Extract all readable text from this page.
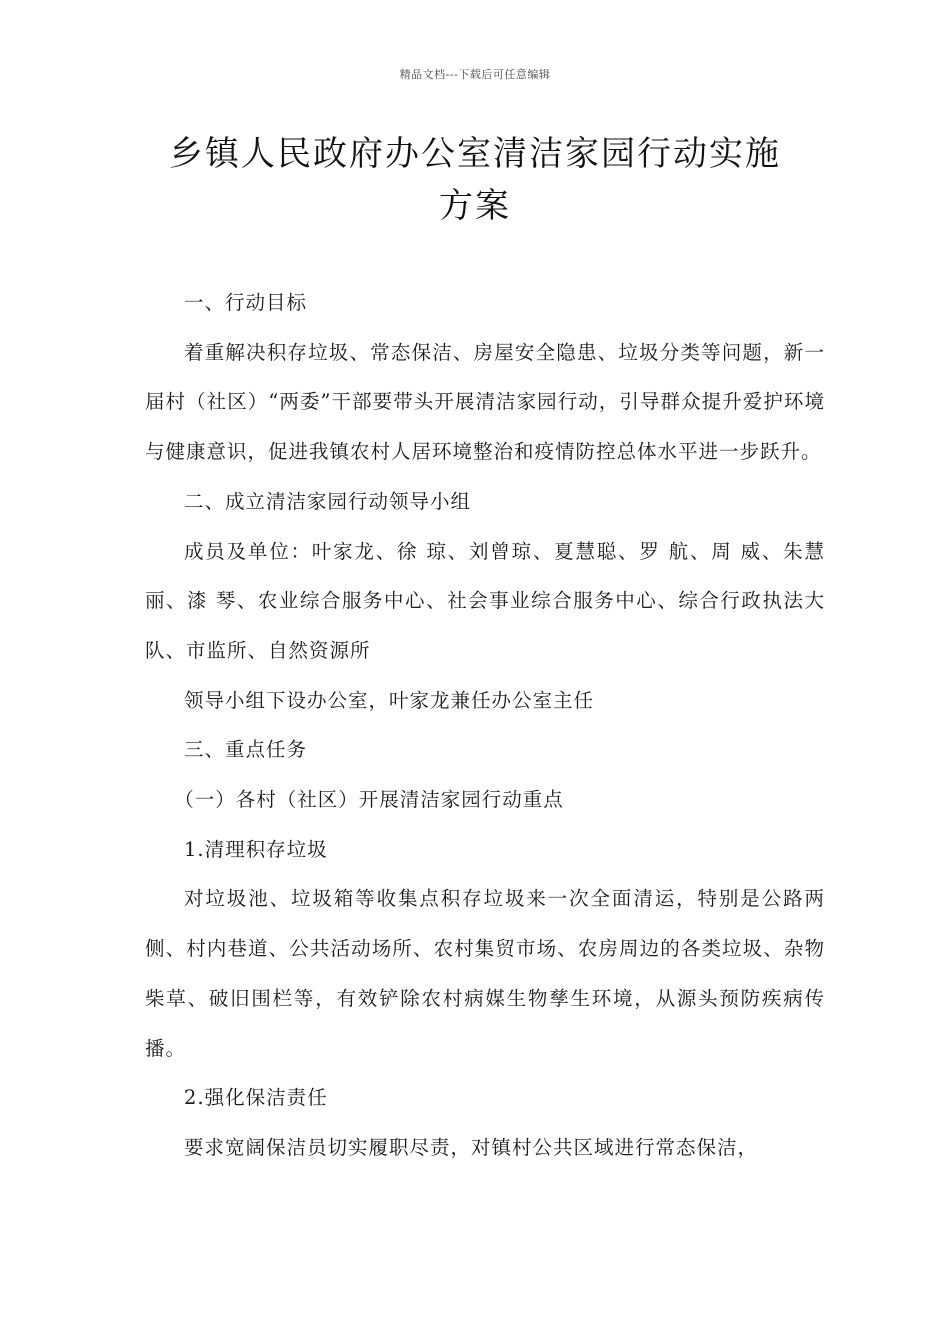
精品文档---下载后可任意编辑
乡镇人民政府办公室清洁家园行动实施
方案

一、行动目标

着重解决积存垃圾、常态保洁、房屋安全隐患、垃圾分类等问题，新一届村（社区）“两委”干部要带头开展清洁家园行动，引导群众提升爱护环境与健康意识，促进我镇农村人居环境整治和疫情防控总体水平进一步跃升。

二、成立清洁家园行动领导小组

成员及单位：叶家龙、徐 琼、刘曾琼、夏慧聪、罗 航、周 威、朱慧丽、漆 琴、农业综合服务中心、社会事业综合服务中心、综合行政执法大队、市监所、自然资源所

领导小组下设办公室，叶家龙兼任办公室主任

三、重点任务

（一）各村（社区）开展清洁家园行动重点

1.清理积存垃圾

对垃圾池、垃圾箱等收集点积存垃圾来一次全面清运，特别是公路两侧、村内巷道、公共活动场所、农村集贸市场、农房周边的各类垃圾、杂物柴草、破旧围栏等，有效铲除农村病媒生物孳生环境，从源头预防疾病传播。

2.强化保洁责任

要求宽阔保洁员切实履职尽责，对镇村公共区域进行常态保洁，
